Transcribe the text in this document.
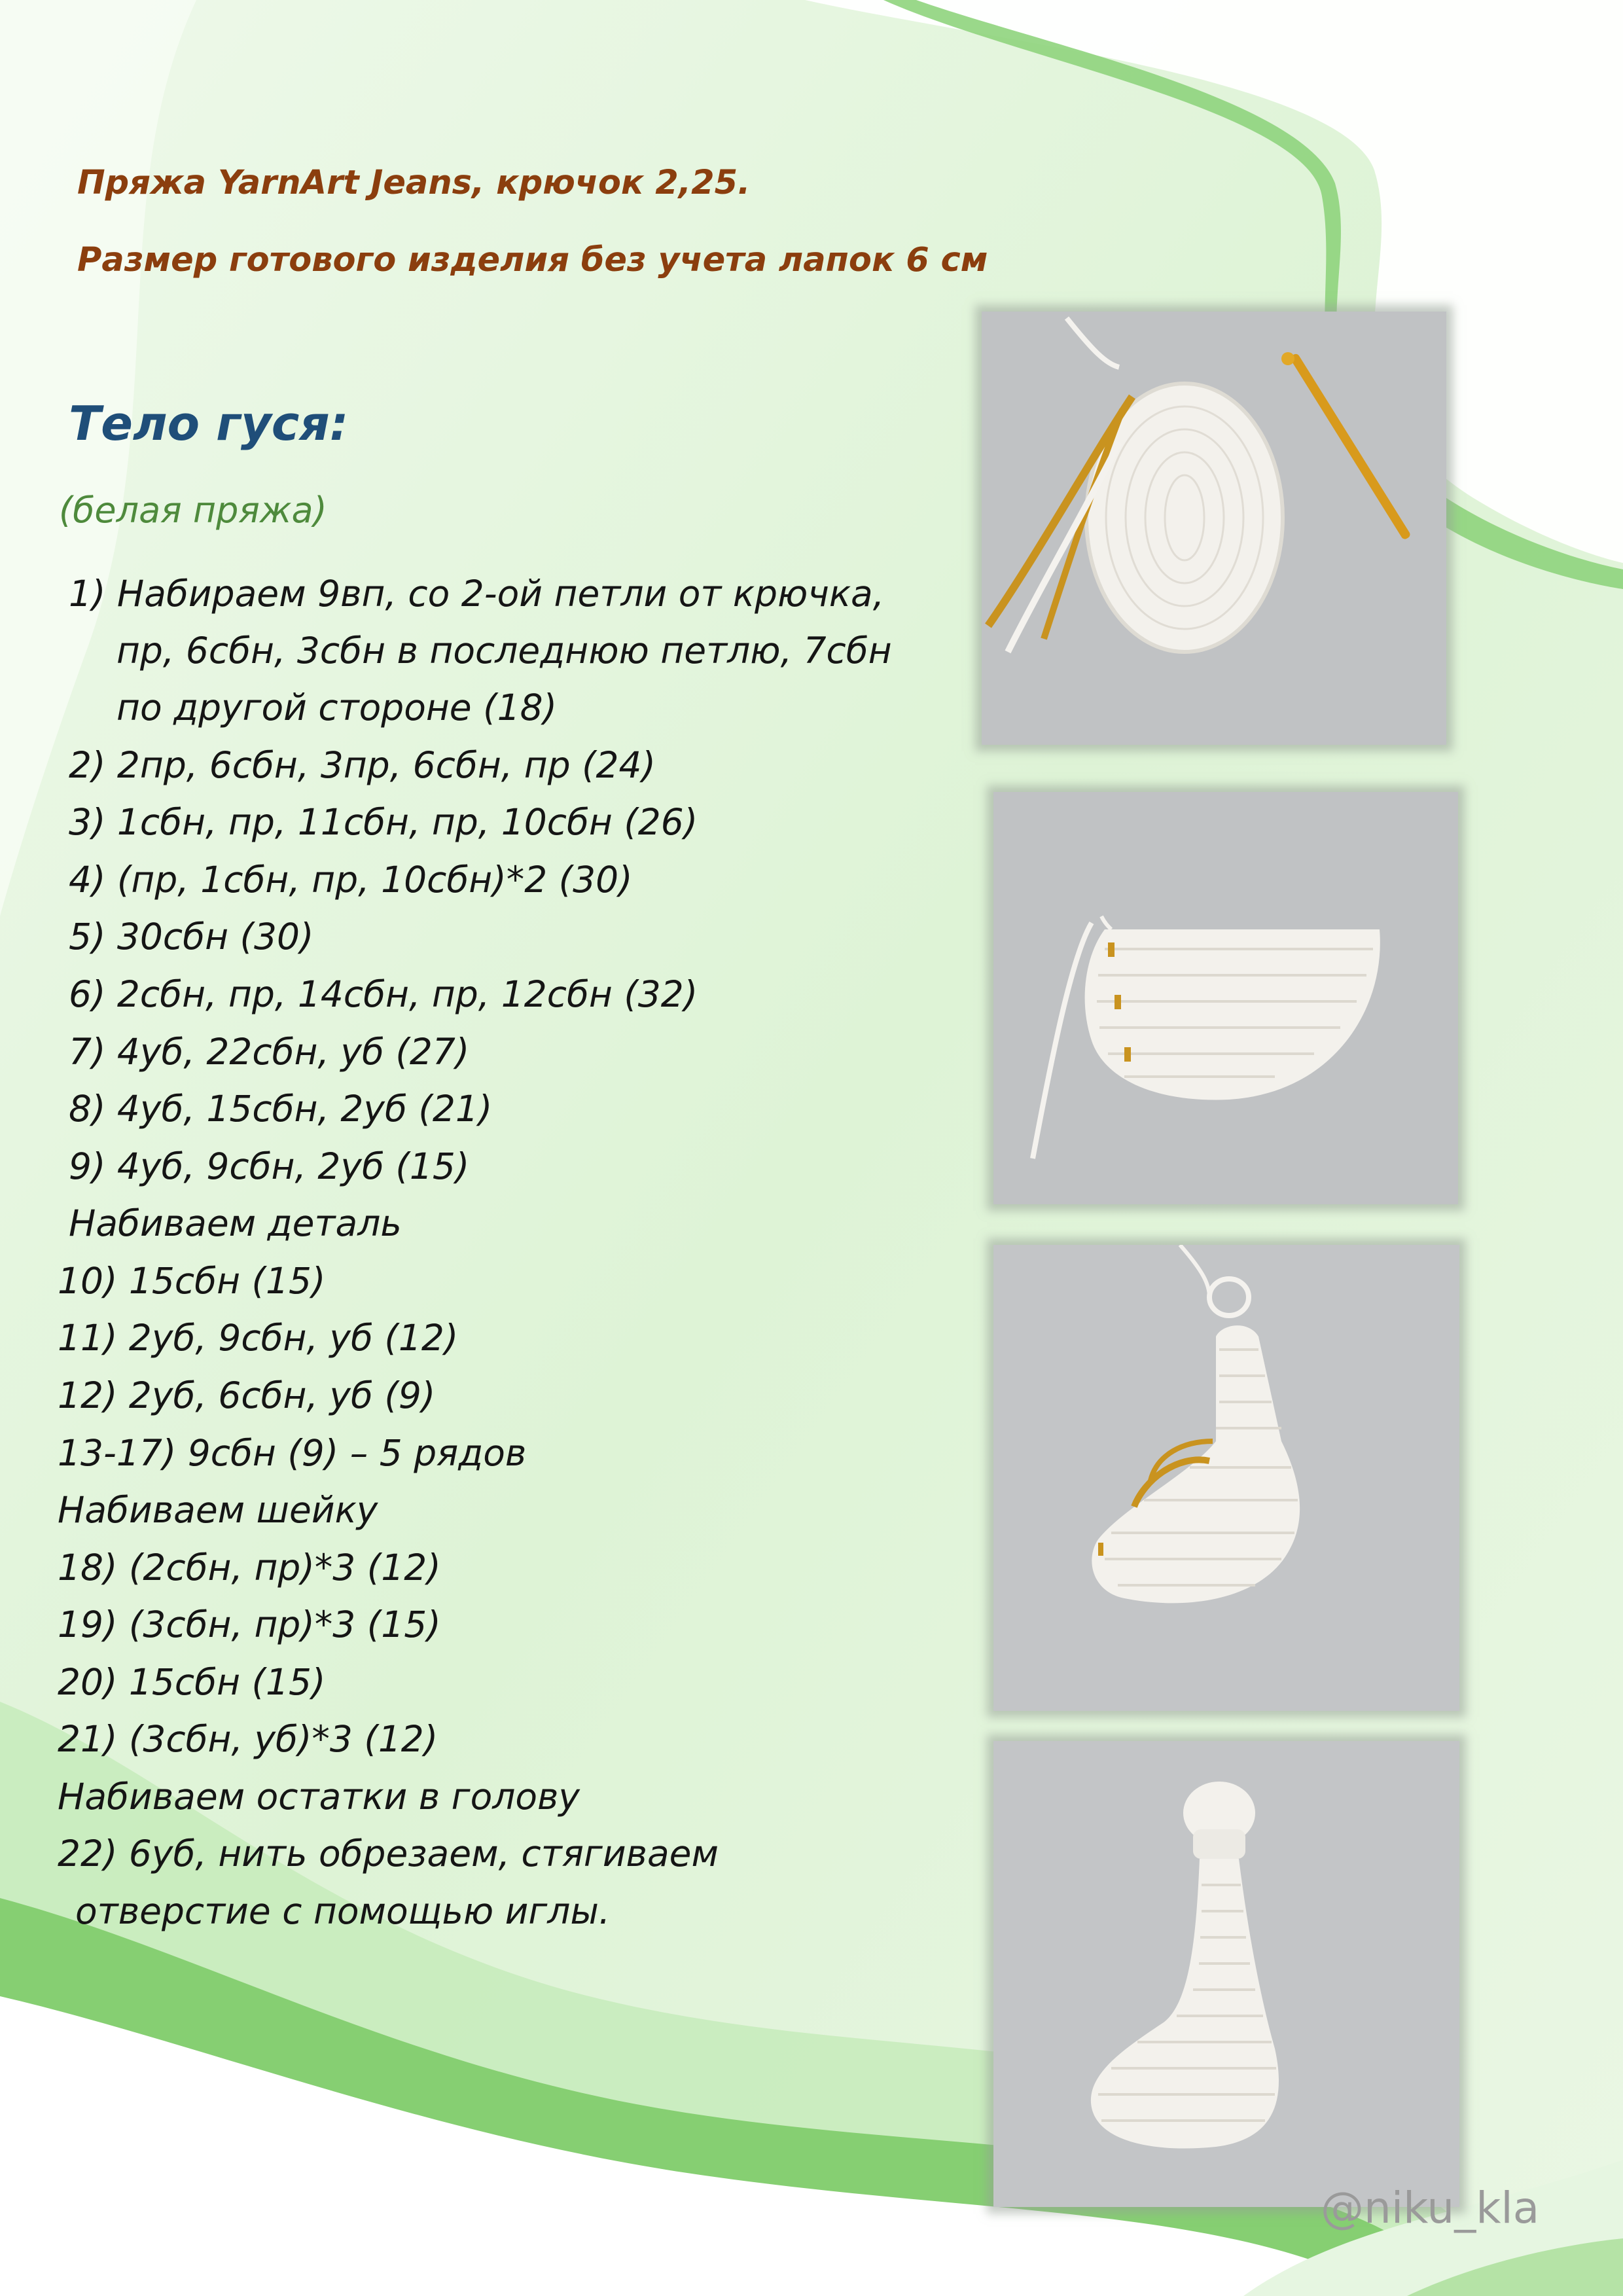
Пряжа YarnArt Jeans, крючок 2,25.

Размер готового изделия без учета лапок 6 см

Тело гуся:
(белая пряжа)
1) Набираем 9вп, со 2-ой петли от крючка,
пр, 6сбн, 3сбн в последнюю петлю, 7сбн
по другой стороне (18)
2) 2пр, 6сбн, 3пр, 6сбн, пр (24)
3) 1сбн, пр, 11сбн, пр, 10сбн (26)
4) (пр, 1сбн, пр, 10сбн)*2 (30)
5) 30сбн (30)
6) 2сбн, пр, 14сбн, пр, 12сбн (32)
7) 4уб, 22сбн, уб (27)
8) 4уб, 15сбн, 2уб (21)
9) 4уб, 9сбн, 2уб (15)
Набиваем деталь
10) 15сбн (15)
11) 2уб, 9сбн, уб (12)
12) 2уб, 6сбн, уб (9)
13-17) 9сбн (9) – 5 рядов
Набиваем шейку
18) (2сбн, пр)*3 (12)
19) (3сбн, пр)*3 (15)
20) 15сбн (15)
21) (3сбн, уб)*3 (12)
Набиваем остатки в голову
22) 6уб, нить обрезаем, стягиваем
отверстие с помощью иглы.
@niku_kla
